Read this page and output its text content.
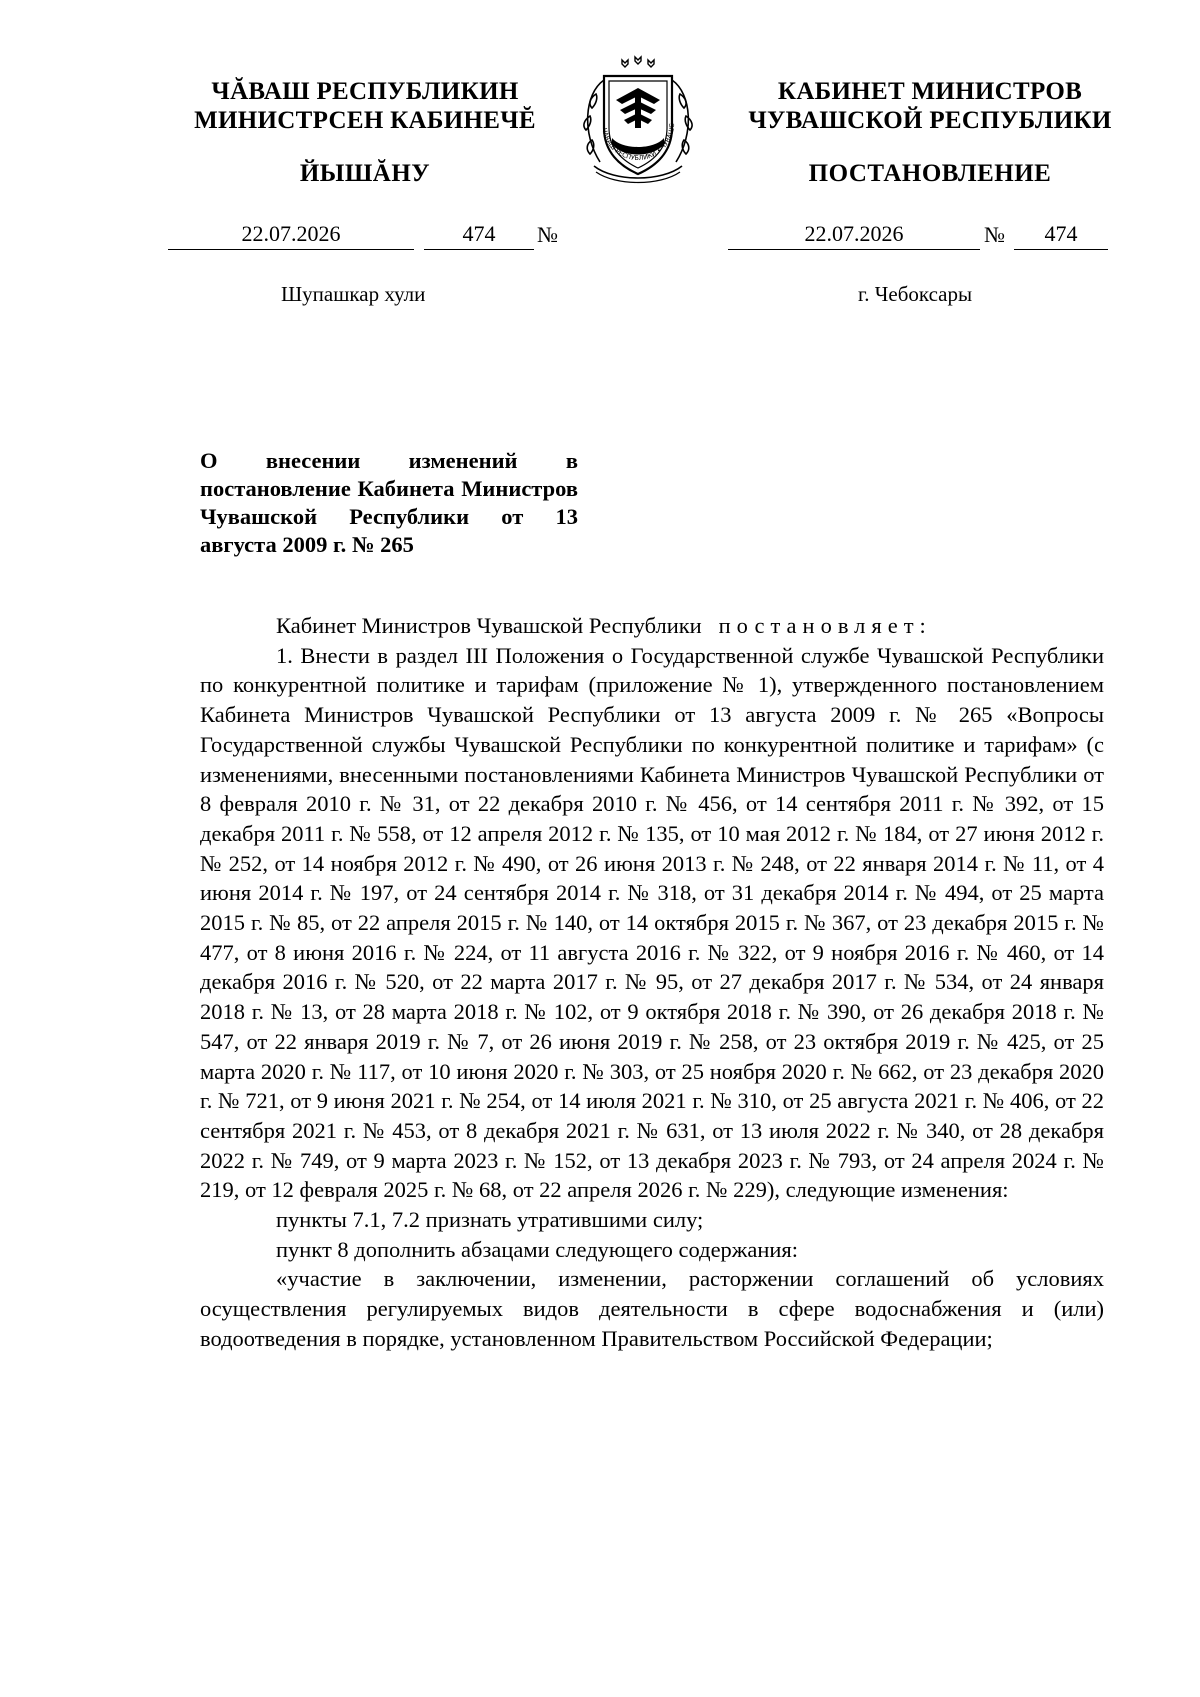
ЧĂВАШ РЕСПУБЛИКИН
МИНИСТРСЕН КАБИНЕЧĔ
КАБИНЕТ МИНИСТРОВ
ЧУВАШСКОЙ РЕСПУБЛИКИ
ЙЫШĂНУ	ПОСТАНОВЛЕНИЕ
ЧĂВАШ РЕСПУБЛИКИ • ЧУВАШС
22.07.2026	474	№	22.07.2026	№	474
Шупашкар хули	г. Чебоксары
О внесении изменений в постановление Кабинета Министров Чувашской Республики от 13 августа 2009 г. № 265

Кабинет Министров Чувашской Республики постановляет:

1. Внести в раздел III Положения о Государственной службе Чувашской Республики по конкурентной политике и тарифам (приложение № 1), утвержденного постановлением Кабинета Министров Чувашской Республики от 13 августа 2009 г. № 265 «Вопросы Государственной службы Чувашской Республики по конкурентной политике и тарифам» (с изменениями, внесенными постановлениями Кабинета Министров Чувашской Республики от 8 февраля 2010 г. № 31, от 22 декабря 2010 г. № 456, от 14 сентября 2011 г. № 392, от 15 декабря 2011 г. № 558, от 12 апреля 2012 г. № 135, от 10 мая 2012 г. № 184, от 27 июня 2012 г. № 252, от 14 ноября 2012 г. № 490, от 26 июня 2013 г. № 248, от 22 января 2014 г. № 11, от 4 июня 2014 г. № 197, от 24 сентября 2014 г. № 318, от 31 декабря 2014 г. № 494, от 25 марта 2015 г. № 85, от 22 апреля 2015 г. № 140, от 14 октября 2015 г. № 367, от 23 декабря 2015 г. № 477, от 8 июня 2016 г. № 224, от 11 августа 2016 г. № 322, от 9 ноября 2016 г. № 460, от 14 декабря 2016 г. № 520, от 22 марта 2017 г. № 95, от 27 декабря 2017 г. № 534, от 24 января 2018 г. № 13, от 28 марта 2018 г. № 102, от 9 октября 2018 г. № 390, от 26 декабря 2018 г. № 547, от 22 января 2019 г. № 7, от 26 июня 2019 г. № 258, от 23 октября 2019 г. № 425, от 25 марта 2020 г. № 117, от 10 июня 2020 г. № 303, от 25 ноября 2020 г. № 662, от 23 декабря 2020 г. № 721, от 9 июня 2021 г. № 254, от 14 июля 2021 г. № 310, от 25 августа 2021 г. № 406, от 22 сентября 2021 г. № 453, от 8 декабря 2021 г. № 631, от 13 июля 2022 г. № 340, от 28 декабря 2022 г. № 749, от 9 марта 2023 г. № 152, от 13 декабря 2023 г. № 793, от 24 апреля 2024 г. № 219, от 12 февраля 2025 г. № 68, от 22 апреля 2026 г. № 229), следующие изменения:

пункты 7.1, 7.2 признать утратившими силу;

пункт 8 дополнить абзацами следующего содержания:

«участие в заключении, изменении, расторжении соглашений об условиях осуществления регулируемых видов деятельности в сфере водоснабжения и (или) водоотведения в порядке, установленном Правительством Российской Федерации;
